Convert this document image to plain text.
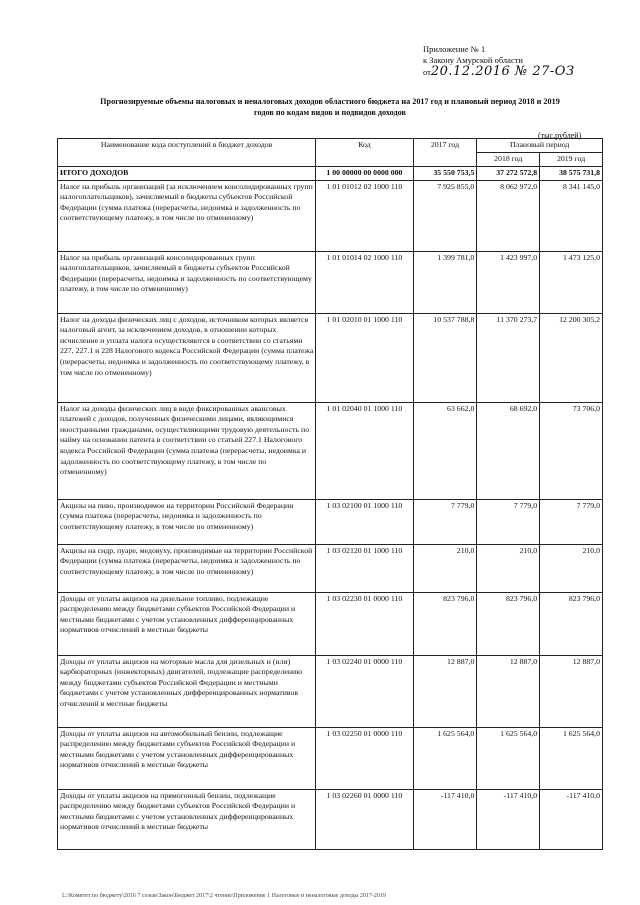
Приложение № 1
к Закону Амурской области
от20.12.2016 № 27-ОЗ
Прогнозируемые объемы налоговых и неналоговых доходов областного бюджета на 2017 год и плановый период 2018 и 2019
годов по кодам видов и подвидов доходов
(тыс.рублей)
Наименование кода поступлений в бюджет доходов	Код	2017 год	Плановый период	
			2018 год	2019 год
ИТОГО ДОХОДОВ	1 00 00000 00 0000 000	35 550 753,5	37 272 572,8	38 575 731,8
Налог на прибыль организаций (за исключением консолидированных групп налогоплательщиков), зачисляемый в бюджеты субъектов Российской Федерации (сумма платежа (перерасчеты, недоимка и задолженность по соответствующему платежу, в том числе по отмененному)	1 01 01012 02 1000 110	7 925 855,0	8 062 972,0	8 341 145,0
Налог на прибыль организаций консолидированных групп налогоплательщиков, зачисляемый в бюджеты субъектов Российской Федерации (перерасчеты, недоимка и задолженность по соответствующему платежу, в том числе по отмененному)	1 01 01014 02 1000 110	1 399 781,0	1 423 997,0	1 473 125,0
Налог на доходы физических лиц с доходов, источником которых является налоговый агент, за исключением доходов, в отношении которых исчисление и уплата налога осуществляются в соответствии со статьями 227, 227.1 и 228 Налогового кодекса Российской Федерации (сумма платежа (перерасчеты, недоимка и задолженность по соответствующему платежу, в том числе по отмененному)	1 01 02010 01 1000 110	10 537 788,8	11 370 273,7	12 200 305,2
Налог на доходы физических лиц в виде фиксированных авансовых платежей с доходов, полученных физическими лицами, являющимися иностранными гражданами, осуществляющими трудовую деятельность по найму на основании патента в соответствии со статьей 227.1 Налогового кодекса Российской Федерации (сумма платежа (перерасчеты, недоимка и задолженность по соответствующему платежу, в том числе по отмененному)	1 01 02040 01 1000 110	63 662,0	68 692,0	73 706,0
Акцизы на пиво, производимое на территории Российской Федерации (сумма платежа (перерасчеты, недоимка и задолженность по соответствующему платежу, в том числе по отмененному)	1 03 02100 01 1000 110	7 779,0	7 779,0	7 779,0
Акцизы на сидр, пуаре, медовуху, производимые на территории Российской Федерации (сумма платежа (перерасчеты, недоимка и задолженность по соответствующему платежу, в том числе по отмененному)	1 03 02120 01 1000 110	210,0	210,0	210,0
Доходы от уплаты акцизов на дизельное топливо, подлежащие распределению между бюджетами субъектов Российской Федерации и местными бюджетами с учетом установленных дифференцированных нормативов отчислений в местные бюджеты	1 03 02230 01 0000 110	823 796,0	823 796,0	823 796,0
Доходы от уплаты акцизов на моторные масла для дизельных и (или) карбюраторных (инжекторных) двигателей, подлежащие распределению между бюджетами субъектов Российской Федерации и местными бюджетами с учетом установленных дифференцированных нормативов отчислений в местные бюджеты	1 03 02240 01 0000 110	12 887,0	12 887,0	12 887,0
Доходы от уплаты акцизов на автомобильный бензин, подлежащие распределению между бюджетами субъектов Российской Федерации и местными бюджетами с учетом установленных дифференцированных нормативов отчислений в местные бюджеты	1 03 02250 01 0000 110	1 625 564,0	1 625 564,0	1 625 564,0
Доходы от уплаты акцизов на прямогонный бензин, подлежащие распределению между бюджетами субъектов Российской Федерации и местными бюджетами с учетом установленных дифференцированных нормативов отчислений в местные бюджеты	1 03 02260 01 0000 110	-117 410,0	-117 410,0	-117 410,0
L:\Комитет по бюджету\2016 7 созыв\Закон\Бюджет 2017\2 чтение\Приложение 1 Налоговые и неналоговые доходы 2017-2019
